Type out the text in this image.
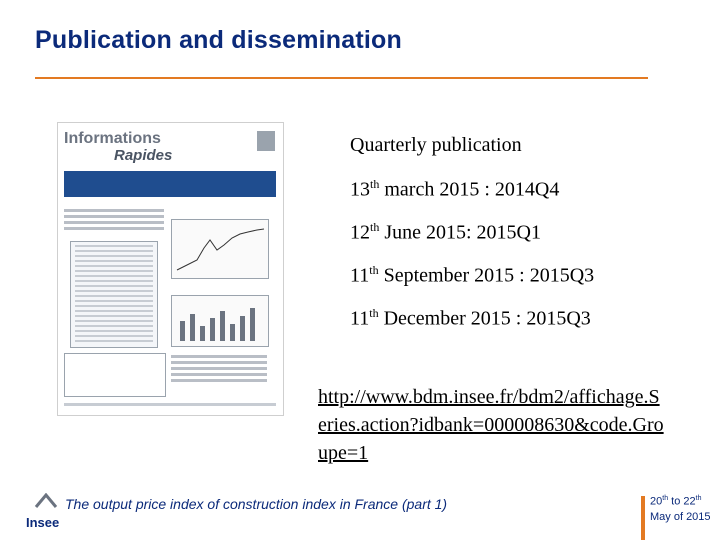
Publication and dissemination
Informations
Rapides	Quarterly publication
13th march 2015 : 2014Q4
12th June 2015: 2015Q1
11th September 2015 : 2015Q3
11th December 2015 : 2015Q3
http://www.bdm.insee.fr/bdm2/affichage.Series.action?idbank=000008630&code.Groupe=1
Insee
The output price index of construction index in France (part 1)	20th to 22th
May of 2015
